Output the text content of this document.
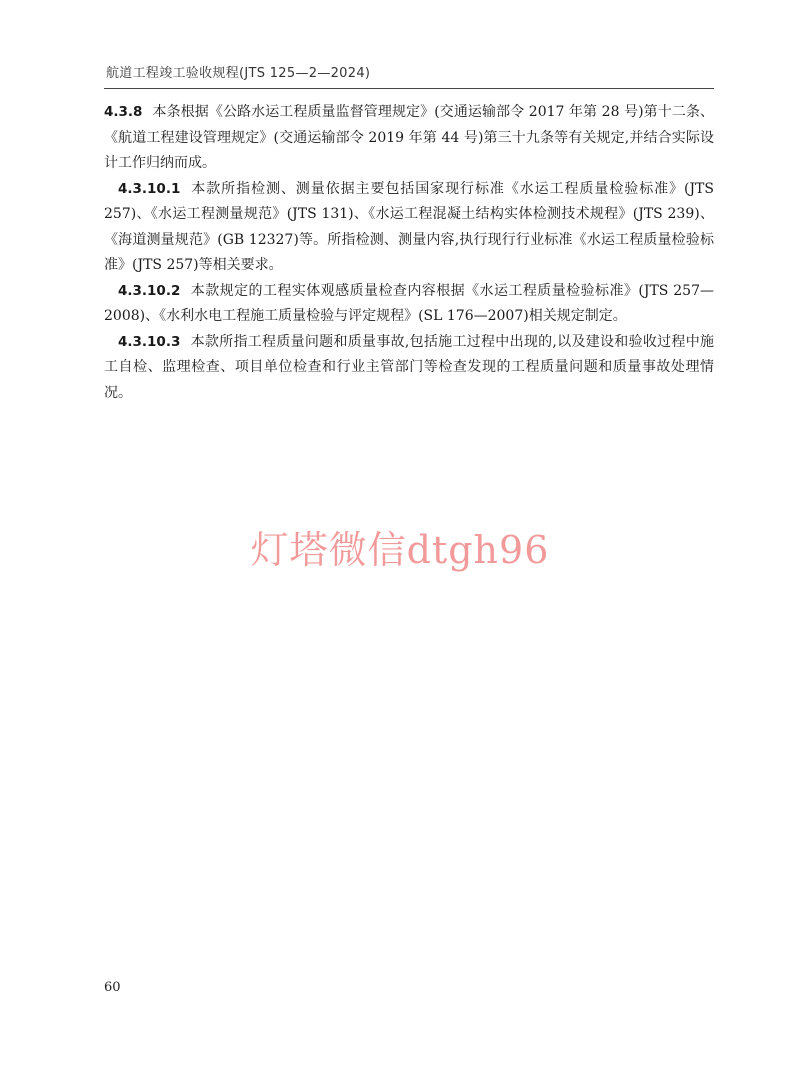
航道工程竣工验收规程(JTS 125—2—2024)

4.3.8 本条根据《公路水运工程质量监督管理规定》(交通运输部令 2017 年第 28 号)第十二条、《航道工程建设管理规定》(交通运输部令 2019 年第 44 号)第三十九条等有关规定,并结合实际设计工作归纳而成。

4.3.10.1 本款所指检测、测量依据主要包括国家现行标准《水运工程质量检验标准》(JTS 257)、《水运工程测量规范》(JTS 131)、《水运工程混凝土结构实体检测技术规程》(JTS 239)、《海道测量规范》(GB 12327)等。所指检测、测量内容,执行现行行业标准《水运工程质量检验标准》(JTS 257)等相关要求。

4.3.10.2 本款规定的工程实体观感质量检查内容根据《水运工程质量检验标准》(JTS 257—2008)、《水利水电工程施工质量检验与评定规程》(SL 176—2007)相关规定制定。

4.3.10.3 本款所指工程质量问题和质量事故,包括施工过程中出现的,以及建设和验收过程中施工自检、监理检查、项目单位检查和行业主管部门等检查发现的工程质量问题和质量事故处理情况。

灯塔微信dtgh96
60
